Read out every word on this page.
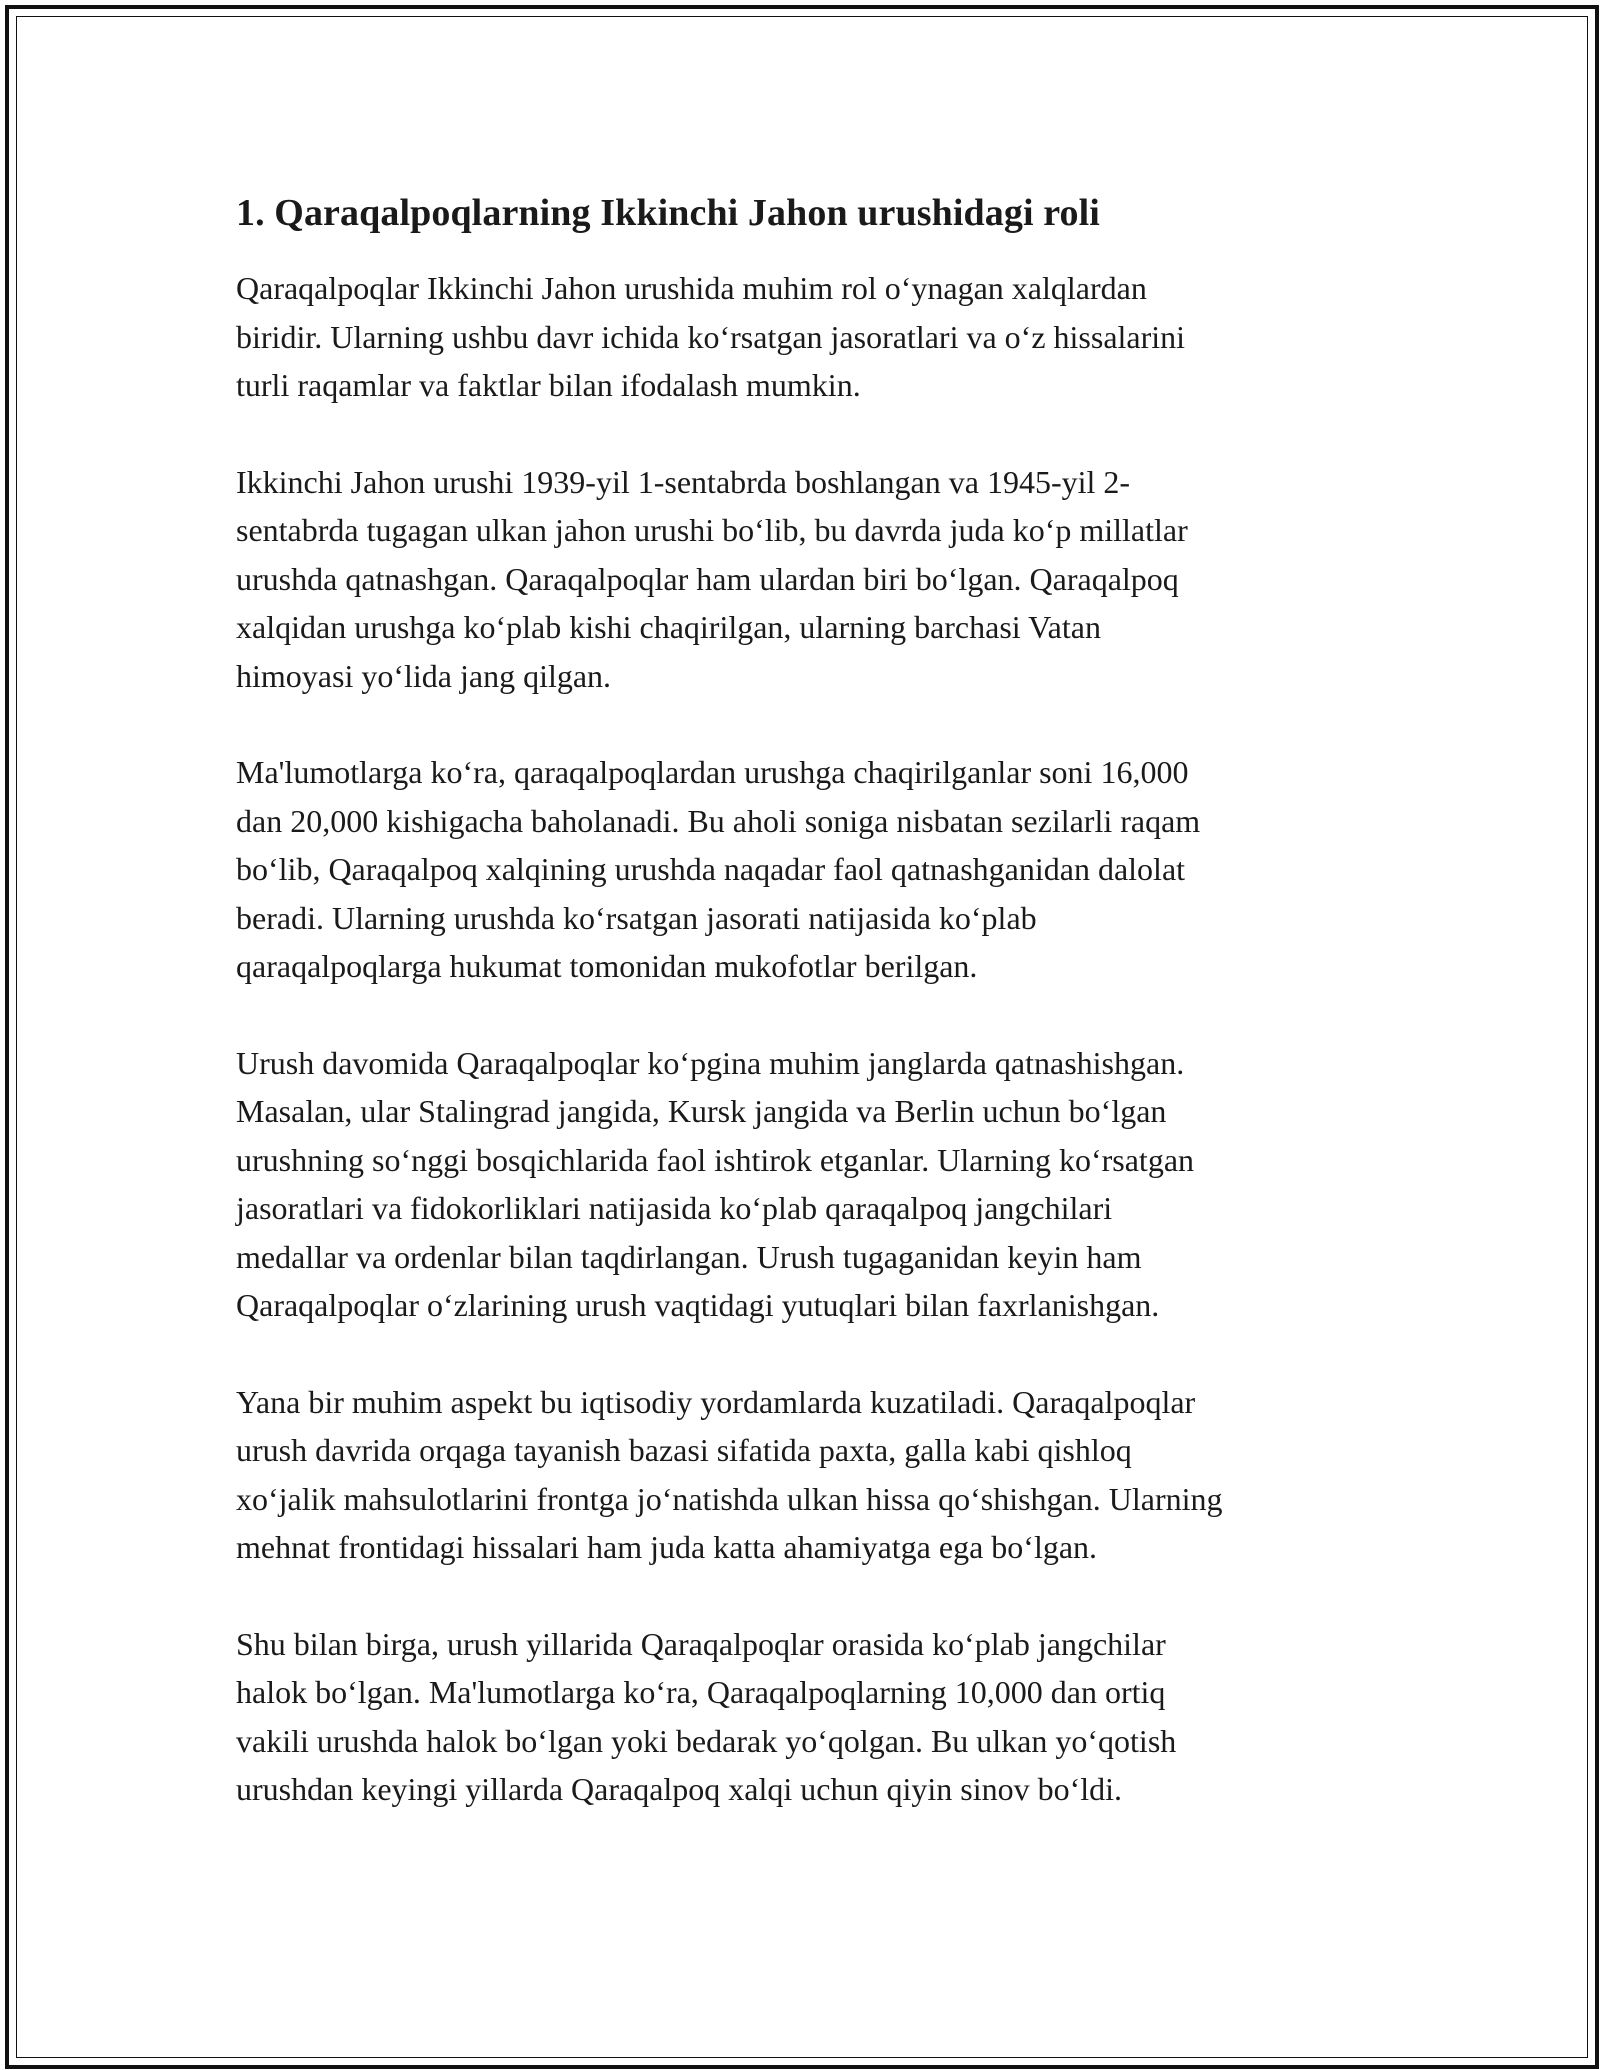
1. Qaraqalpoqlarning Ikkinchi Jahon urushidagi roli

Qaraqalpoqlar Ikkinchi Jahon urushida muhim rol oʻynagan xalqlardan
biridir. Ularning ushbu davr ichida koʻrsatgan jasoratlari va oʻz hissalarini
turli raqamlar va faktlar bilan ifodalash mumkin.

Ikkinchi Jahon urushi 1939-yil 1-sentabrda boshlangan va 1945-yil 2-
sentabrda tugagan ulkan jahon urushi boʻlib, bu davrda juda koʻp millatlar
urushda qatnashgan. Qaraqalpoqlar ham ulardan biri boʻlgan. Qaraqalpoq
xalqidan urushga koʻplab kishi chaqirilgan, ularning barchasi Vatan
himoyasi yoʻlida jang qilgan.

Ma'lumotlarga koʻra, qaraqalpoqlardan urushga chaqirilganlar soni 16,000
dan 20,000 kishigacha baholanadi. Bu aholi soniga nisbatan sezilarli raqam
boʻlib, Qaraqalpoq xalqining urushda naqadar faol qatnashganidan dalolat
beradi. Ularning urushda koʻrsatgan jasorati natijasida koʻplab
qaraqalpoqlarga hukumat tomonidan mukofotlar berilgan.

Urush davomida Qaraqalpoqlar koʻpgina muhim janglarda qatnashishgan.
Masalan, ular Stalingrad jangida, Kursk jangida va Berlin uchun boʻlgan
urushning soʻnggi bosqichlarida faol ishtirok etganlar. Ularning koʻrsatgan
jasoratlari va fidokorliklari natijasida koʻplab qaraqalpoq jangchilari
medallar va ordenlar bilan taqdirlangan. Urush tugaganidan keyin ham
Qaraqalpoqlar oʻzlarining urush vaqtidagi yutuqlari bilan faxrlanishgan.

Yana bir muhim aspekt bu iqtisodiy yordamlarda kuzatiladi. Qaraqalpoqlar
urush davrida orqaga tayanish bazasi sifatida paxta, galla kabi qishloq
xoʻjalik mahsulotlarini frontga joʻnatishda ulkan hissa qoʻshishgan. Ularning
mehnat frontidagi hissalari ham juda katta ahamiyatga ega boʻlgan.

Shu bilan birga, urush yillarida Qaraqalpoqlar orasida koʻplab jangchilar
halok boʻlgan. Ma'lumotlarga koʻra, Qaraqalpoqlarning 10,000 dan ortiq
vakili urushda halok boʻlgan yoki bedarak yoʻqolgan. Bu ulkan yoʻqotish
urushdan keyingi yillarda Qaraqalpoq xalqi uchun qiyin sinov boʻldi.
